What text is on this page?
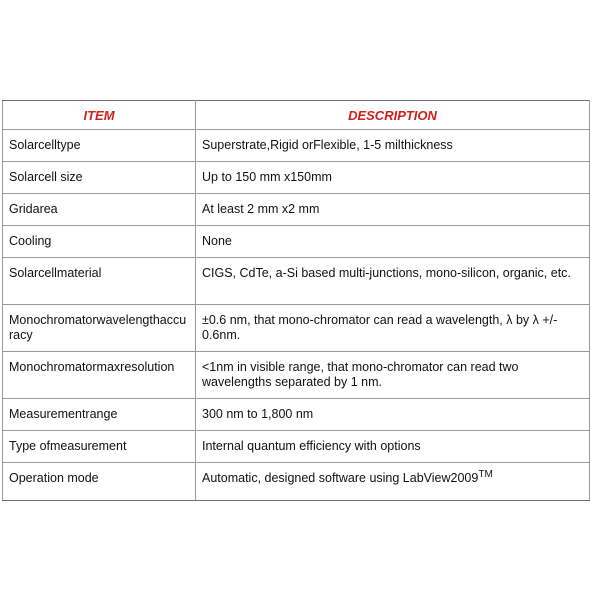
ITEM	DESCRIPTION
Solarcelltype	Superstrate,Rigid orFlexible, 1-5 milthickness
Solarcell size	Up to 150 mm x150mm
Gridarea	At least 2 mm x2 mm
Cooling	None
Solarcellmaterial	CIGS, CdTe, a-Si based multi-junctions, mono-silicon, organic, etc.
Monochromatorwavelengthaccuracy	±0.6 nm, that mono-chromator can read a wavelength, λ by λ +/- 0.6nm.
Monochromatormaxresolution	<1nm in visible range, that mono-chromator can read two wavelengths separated by 1 nm.
Measurementrange	300 nm to 1,800 nm
Type ofmeasurement	Internal quantum efficiency with options
Operation mode	Automatic, designed software using LabView2009™
